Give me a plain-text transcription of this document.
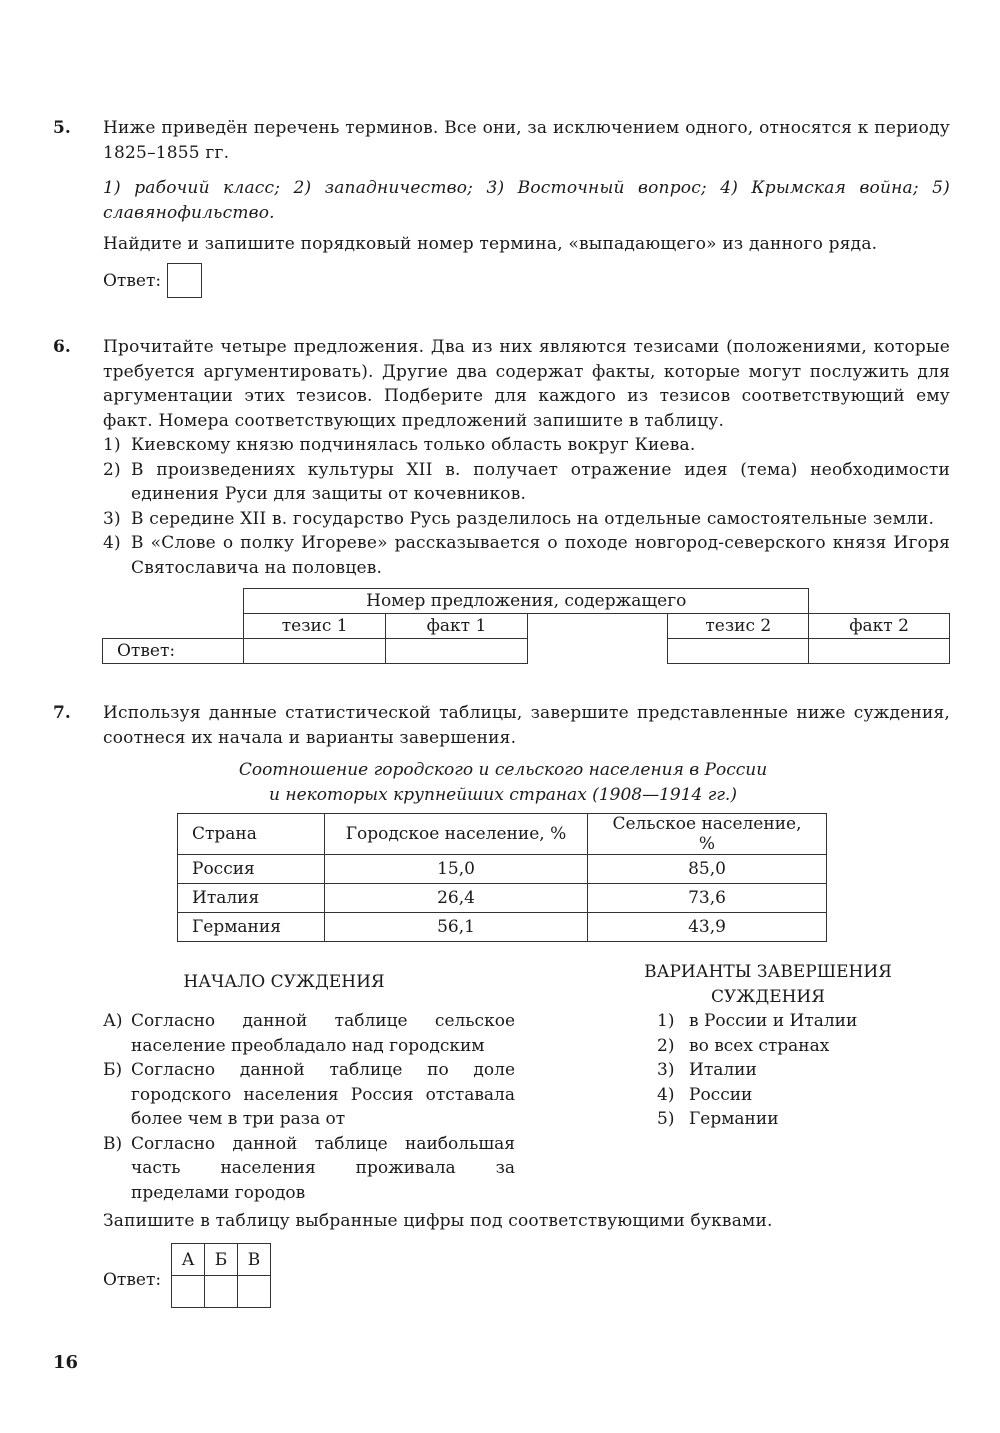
5. Ниже приведён перечень терминов. Все они, за исключением одного, относятся к периоду 1825–1855 гг.
1) рабочий класс; 2) западничество; 3) Восточный вопрос; 4) Крымская война; 5) славянофильство.
Найдите и запишите порядковый номер термина, «выпадающего» из данного ряда.
Ответ:
6. Прочитайте четыре предложения. Два из них являются тезисами (положениями, которые требуется аргументировать). Другие два содержат факты, которые могут послужить для аргументации этих тезисов. Подберите для каждого из тезисов соответствующий ему факт. Номера соответствующих предложений запишите в таблицу.
1) Киевскому князю подчинялась только область вокруг Киева.
2) В произведениях культуры XII в. получает отражение идея (тема) необходимости единения Руси для защиты от кочевников.
3) В середине XII в. государство Русь разделилось на отдельные самостоятельные земли.
4) В «Слове о полку Игореве» рассказывается о походе новгород-северского князя Игоря Святославича на половцев.
	Номер предложения, содержащего				
	тезис 1	факт 1		тезис 2	факт 2
Ответ:					
7. Используя данные статистической таблицы, завершите представленные ниже суждения, соотнеся их начала и варианты завершения.
Соотношение городского и сельского населения в России
и некоторых крупнейших странах (1908—1914 гг.)
Страна	Городское население, %	Сельское население, %
Россия	15,0	85,0
Италия	26,4	73,6
Германия	56,1	43,9
НАЧАЛО СУЖДЕНИЯ
А) Согласно данной таблице сельское население преобладало над городским
Б) Согласно данной таблице по доле городского населения Россия отставала более чем в три раза от
В) Согласно данной таблице наибольшая часть населения проживала за пределами городов
ВАРИАНТЫ ЗАВЕРШЕНИЯ
СУЖДЕНИЯ
1) в России и Италии
2) во всех странах
3) Италии
4) России
5) Германии
Запишите в таблицу выбранные цифры под соответствующими буквами.
Ответ:
А	Б	В

16
